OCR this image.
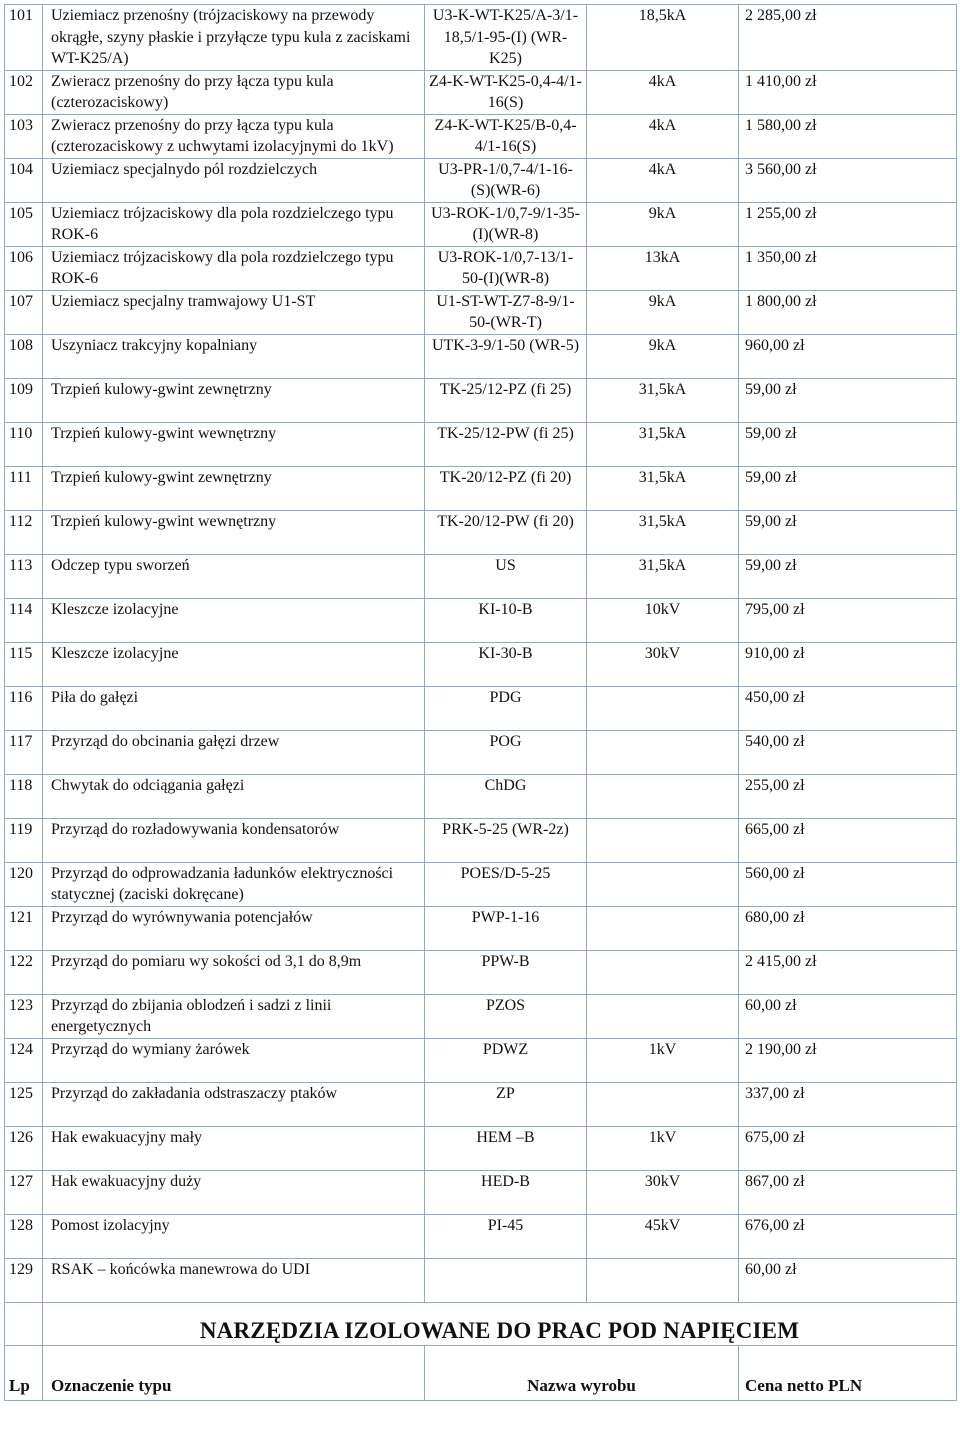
101	Uziemiacz przenośny (trójzaciskowy na przewody okrągłe, szyny płaskie i przyłącze typu kula z zaciskami WT-K25/A)	U3-K-WT-K25/A-3/1-18,5/1-95-(I) (WR-K25)	18,5kA	2 285,00 zł
102	Zwieracz przenośny do przy łącza typu kula (czterozaciskowy)	Z4-K-WT-K25-0,4-4/1-16(S)	4kA	1 410,00 zł
103	Zwieracz przenośny do przy łącza typu kula (czterozaciskowy z uchwytami izolacyjnymi do 1kV)	Z4-K-WT-K25/B-0,4-4/1-16(S)	4kA	1 580,00 zł
104	Uziemiacz specjalnydo pól rozdzielczych	U3-PR-1/0,7-4/1-16-(S)(WR-6)	4kA	3 560,00 zł
105	Uziemiacz trójzaciskowy dla pola rozdzielczego typu ROK-6	U3-ROK-1/0,7-9/1-35-(I)(WR-8)	9kA	1 255,00 zł
106	Uziemiacz trójzaciskowy dla pola rozdzielczego typu ROK-6	U3-ROK-1/0,7-13/1-50-(I)(WR-8)	13kA	1 350,00 zł
107	Uziemiacz specjalny tramwajowy U1-ST	U1-ST-WT-Z7-8-9/1-50-(WR-T)	9kA	1 800,00 zł
108	Uszyniacz trakcyjny kopalniany	UTK-3-9/1-50 (WR-5)	9kA	960,00 zł
109	Trzpień kulowy-gwint zewnętrzny	TK-25/12-PZ (fi 25)	31,5kA	59,00 zł
110	Trzpień kulowy-gwint wewnętrzny	TK-25/12-PW (fi 25)	31,5kA	59,00 zł
111	Trzpień kulowy-gwint zewnętrzny	TK-20/12-PZ (fi 20)	31,5kA	59,00 zł
112	Trzpień kulowy-gwint wewnętrzny	TK-20/12-PW (fi 20)	31,5kA	59,00 zł
113	Odczep typu sworzeń	US	31,5kA	59,00 zł
114	Kleszcze izolacyjne	KI-10-B	10kV	795,00 zł
115	Kleszcze izolacyjne	KI-30-B	30kV	910,00 zł
116	Piła do gałęzi	PDG		450,00 zł
117	Przyrząd do obcinania gałęzi drzew	POG		540,00 zł
118	Chwytak do odciągania gałęzi	ChDG		255,00 zł
119	Przyrząd do rozładowywania kondensatorów	PRK-5-25 (WR-2z)		665,00 zł
120	Przyrząd do odprowadzania ładunków elektryczności statycznej (zaciski dokręcane)	POES/D-5-25		560,00 zł
121	Przyrząd do wyrównywania potencjałów	PWP-1-16		680,00 zł
122	Przyrząd do pomiaru wy sokości od 3,1 do 8,9m	PPW-B		2 415,00 zł
123	Przyrząd do zbijania oblodzeń i sadzi z linii energetycznych	PZOS		60,00 zł
124	Przyrząd do wymiany żarówek	PDWZ	1kV	2 190,00 zł
125	Przyrząd do zakładania odstraszaczy ptaków	ZP		337,00 zł
126	Hak ewakuacyjny mały	HEM –B	1kV	675,00 zł
127	Hak ewakuacyjny duży	HED-B	30kV	867,00 zł
128	Pomost izolacyjny	PI-45	45kV	676,00 zł
129	RSAK – końcówka manewrowa do UDI			60,00 zł
	NARZĘDZIA IZOLOWANE DO PRAC POD NAPIĘCIEM			
Lp	Oznaczenie typu	Nazwa wyrobu		Cena netto PLN
